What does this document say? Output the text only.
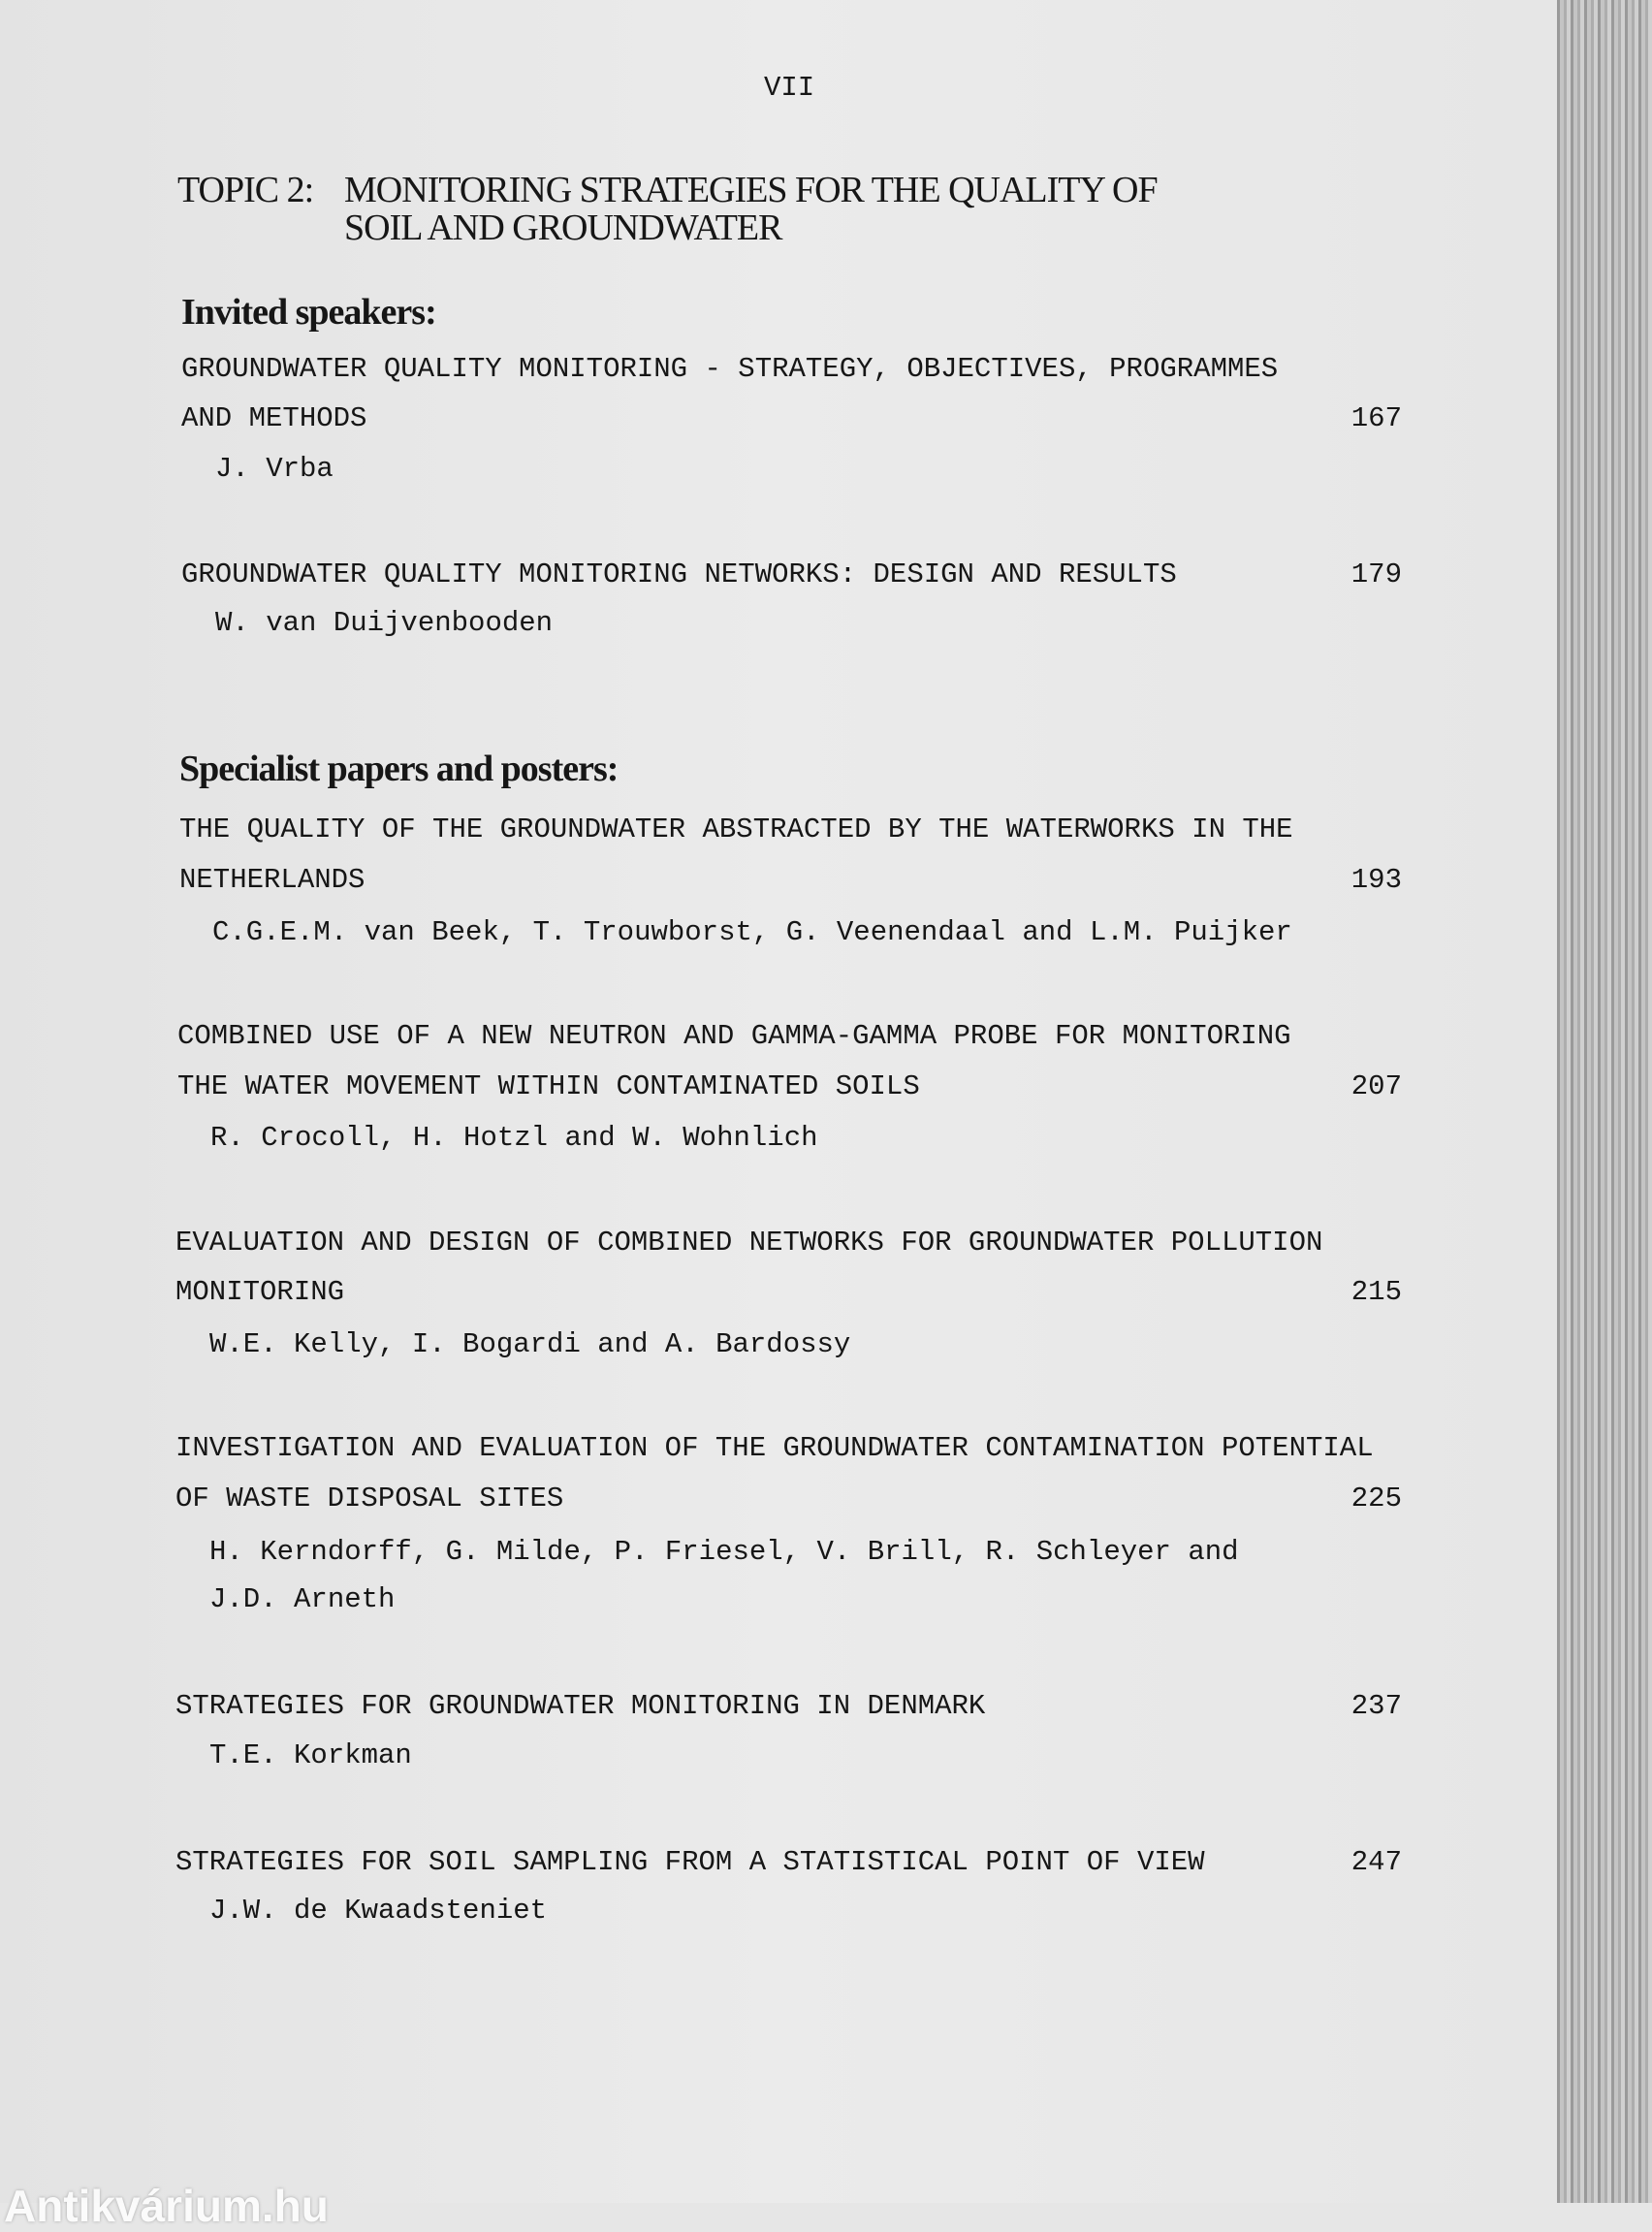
VII
TOPIC 2: MONITORING STRATEGIES FOR THE QUALITY OF
SOIL AND GROUNDWATER
Invited speakers:
GROUNDWATER QUALITY MONITORING - STRATEGY, OBJECTIVES, PROGRAMMES
AND METHODS	167
J. Vrba
GROUNDWATER QUALITY MONITORING NETWORKS: DESIGN AND RESULTS	179
W. van Duijvenbooden
Specialist papers and posters:
THE QUALITY OF THE GROUNDWATER ABSTRACTED BY THE WATERWORKS IN THE
NETHERLANDS	193
C.G.E.M. van Beek, T. Trouwborst, G. Veenendaal and L.M. Puijker
COMBINED USE OF A NEW NEUTRON AND GAMMA-GAMMA PROBE FOR MONITORING
THE WATER MOVEMENT WITHIN CONTAMINATED SOILS	207
R. Crocoll, H. Hotzl and W. Wohnlich
EVALUATION AND DESIGN OF COMBINED NETWORKS FOR GROUNDWATER POLLUTION
MONITORING	215
W.E. Kelly, I. Bogardi and A. Bardossy
INVESTIGATION AND EVALUATION OF THE GROUNDWATER CONTAMINATION POTENTIAL
OF WASTE DISPOSAL SITES	225
H. Kerndorff, G. Milde, P. Friesel, V. Brill, R. Schleyer and
J.D. Arneth
STRATEGIES FOR GROUNDWATER MONITORING IN DENMARK	237
T.E. Korkman
STRATEGIES FOR SOIL SAMPLING FROM A STATISTICAL POINT OF VIEW	247
J.W. de Kwaadsteniet
Antikvárium.hu
